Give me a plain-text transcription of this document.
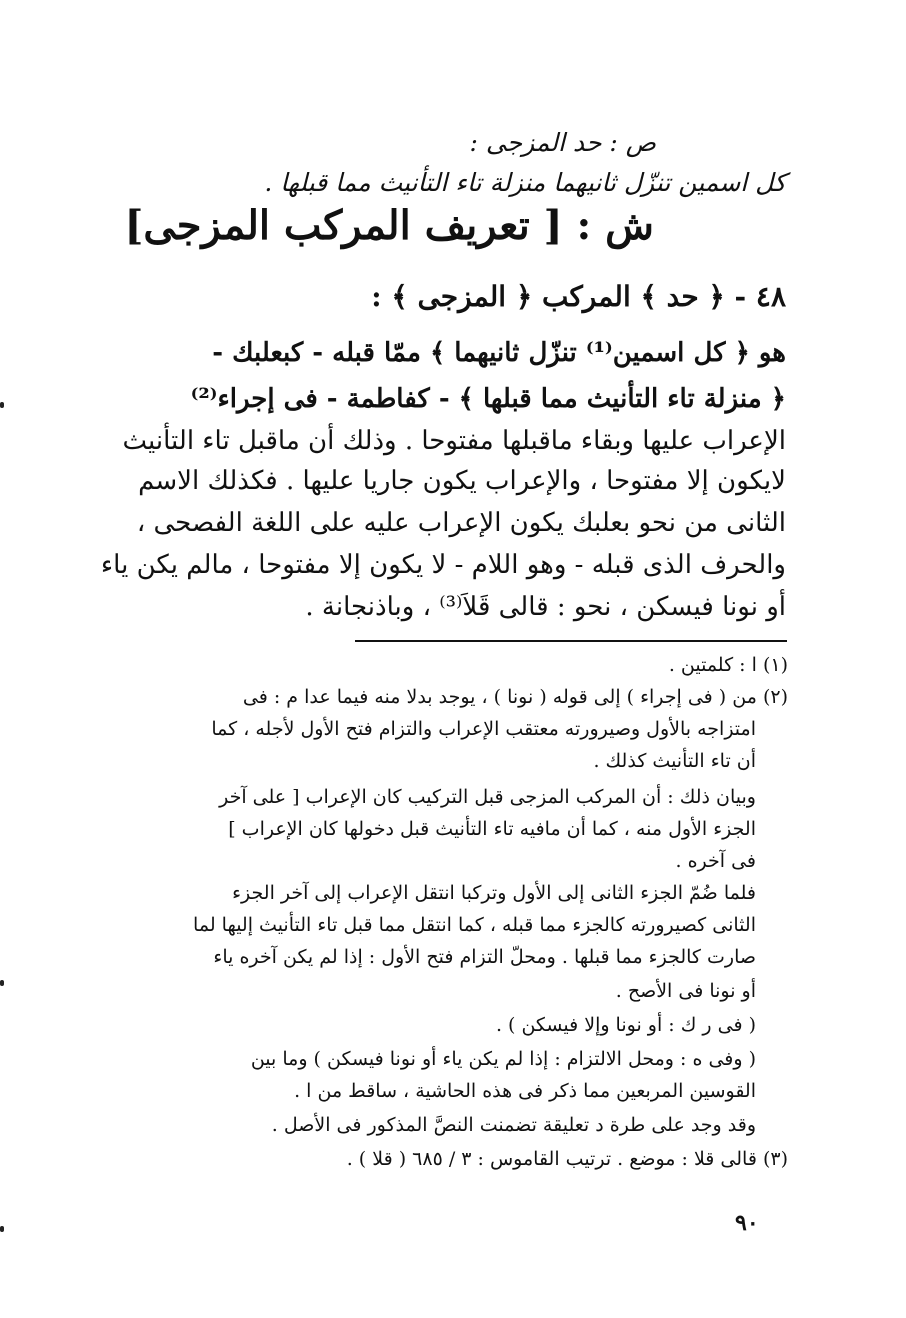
ص : حد المزجى :

كل اسمين تنزّل ثانيهما منزلة تاء التأنيث مما قبلها .

ش : [ تعريف المركب المزجى]

٤٨ - ﴿ حد ﴾ المركب ﴿ المزجى ﴾ :

هو ﴿ كل اسمين⁽¹⁾ تنزّل ثانيهما ﴾ ممّا قبله - كبعلبك -

﴿ منزلة تاء التأنيث مما قبلها ﴾ - كفاطمة - فى إجراء⁽²⁾

الإعراب عليها وبقاء ماقبلها مفتوحا . وذلك أن ماقبل تاء التأنيث

لايكون إلا مفتوحا ، والإعراب يكون جاريا عليها . فكذلك الاسم

الثانى من نحو بعلبك يكون الإعراب عليه على اللغة الفصحى ،

والحرف الذى قبله - وهو اللام - لا يكون إلا مفتوحا ، مالم يكن ياء

أو نونا فيسكن ، نحو : قالى قَلاَ⁽³⁾ ، وباذنجانة .

(١) ا : كلمتين .

(٢) من ( فى إجراء ) إلى قوله ( نونا ) ، يوجد بدلا منه فيما عدا م : فى

امتزاجه بالأول وصيرورته معتقب الإعراب والتزام فتح الأول لأجله ، كما

أن تاء التأنيث كذلك .

وبيان ذلك : أن المركب المزجى قبل التركيب كان الإعراب [ على آخر

الجزء الأول منه ، كما أن مافيه تاء التأنيث قبل دخولها كان الإعراب ]

فى آخره .

فلما ضُمّ الجزء الثانى إلى الأول وتركبا انتقل الإعراب إلى آخر الجزء

الثانى كصيرورته كالجزء مما قبله ، كما انتقل مما قبل تاء التأنيث إليها لما

صارت كالجزء مما قبلها . ومحلّ التزام فتح الأول : إذا لم يكن آخره ياء

أو نونا فى الأصح .

( فى ر ك : أو نونا وإلا فيسكن ) .

( وفى ه : ومحل الالتزام : إذا لم يكن ياء أو نونا فيسكن ) وما بين

القوسين المربعين مما ذكر فى هذه الحاشية ، ساقط من ا .

وقد وجد على طرة د تعليقة تضمنت النصَّ المذكور فى الأصل .

(٣) قالى قلا : موضع . ترتيب القاموس : ٣ / ٦٨٥ ( قلا ) .

٩٠
